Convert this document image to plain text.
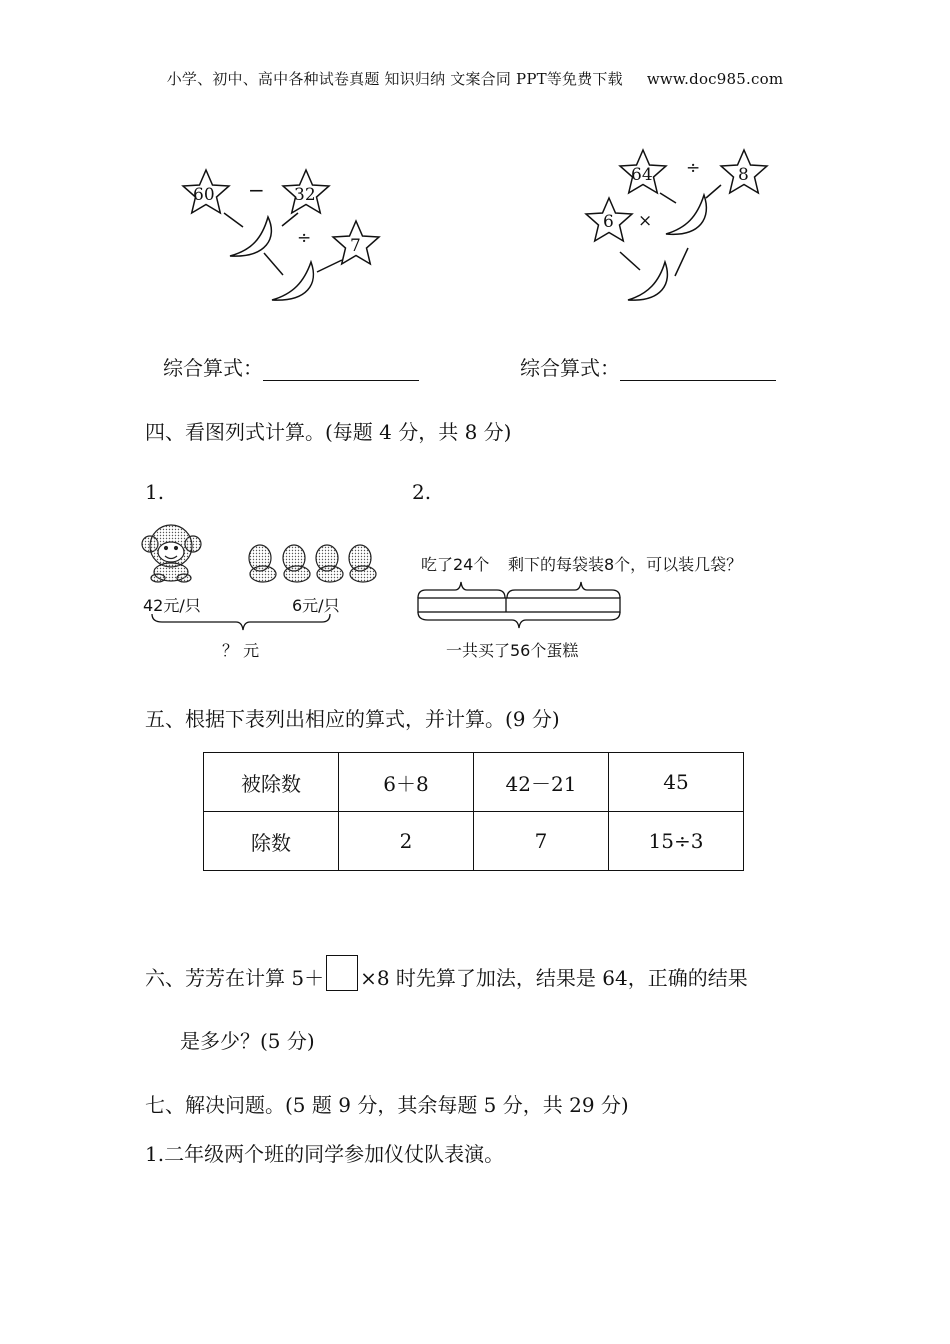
小学、初中、高中各种试卷真题 知识归纳 文案合同 PPT等免费下载 www.doc985.com
60 − 32
÷ 7
64 ÷ 8
6 ×
综合算式：	综合算式：
四、看图列式计算。(每题 4 分，共 8 分)
1.	2.
42元/只	6元/只
？ 元
吃了24个 剩下的每袋装8个，可以装几袋？
一共买了56个蛋糕
五、根据下表列出相应的算式，并计算。(9 分)
被除数	6＋8	42－21	45
除数	2	7	15÷3
六、芳芳在计算 5＋ ×8 时先算了加法，结果是 64，正确的结果
是多少？(5 分)
七、解决问题。(5 题 9 分，其余每题 5 分，共 29 分)
1.二年级两个班的同学参加仪仗队表演。
